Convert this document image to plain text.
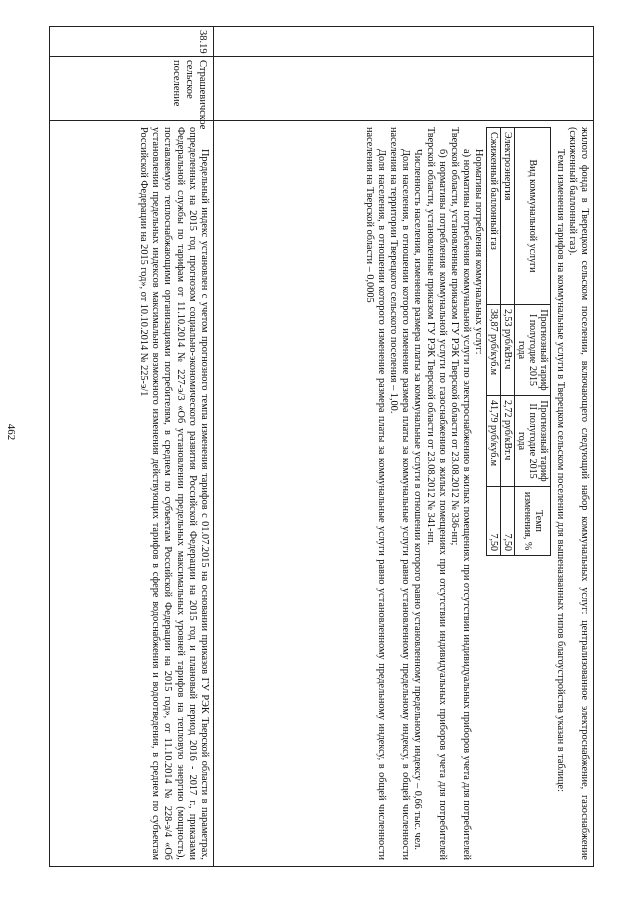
462
			жилого фонда в Тверецком сельском поселении, включающего следующий набор коммунальных услуг: централизованное электроснабжение, газоснабжение (сжиженный баллонный газ).

Темп изменения тарифов на коммунальные услуги в Тверецком сельском поселении для вышеназванных типов благоустройства указан в таблице:

Вид коммунальной услуги	Прогнозный тариф I полугодие 2015 года	Прогнозный тариф II полугодие 2015 года	Темп изменения, %
Электроэнергия	2,53 руб/кВт.ч	2,72 руб/кВт.ч	7,50
Сжиженный баллонный газ	38,87 руб/куб.м	41,79 руб/куб.м	7,50

Нормативы потребления коммунальных услуг:

а) нормативы потребления коммунальной услуги по электроснабжению в жилых помещениях при отсутствии индивидуальных приборов учета для потребителей Тверской области, установленные приказом ГУ РЭК Тверской области от 23.08.2012 № 336-нп;

б) нормативы потребления коммунальной услуги по газоснабжению в жилых помещениях при отсутствии индивидуальных приборов учета для потребителей Тверской области, установленные приказом ГУ РЭК Тверской области от 23.08.2012 № 341-нп.

Численность населения, изменение размера платы за коммунальные услуги в отношении которого равно установленному предельному индексу – 0,66 тыс. чел.

Доля населения, в отношении которого изменение размера платы за коммунальные услуги равно установленному предельному индексу, в общей численности населения на территории Тверецкого сельского поселения – 1,00.

Доля населения, в отношении которого изменение размера платы за коммунальные услуги равно установленному предельному индексу, в общей численности населения на Тверской области – 0,0005

38.19	Страшевичское сельское поселение	

Предельный индекс установлен с учетом прогнозного темпа изменения тарифов с 01.07.2015 на основании приказов ГУ РЭК Тверской области в параметрах, определенных на 2015 год прогнозом социально-экономического развития Российской Федерации на 2015 год и плановый период 2016 - 2017 г., приказами Федеральной службы по тарифам от 11.10.2014 № 227-э/3 «Об установлении предельных максимальных уровней тарифов на тепловую энергию (мощность), поставляемую теплоснабжающими организациями потребителям, в среднем по субъектам Российской Федерации на 2015 год», от 11.10.2014 № 228-э/4 «Об установлении предельных индексов максимально возможного изменения действующих тарифов в сфере водоснабжения и водоотведения, в среднем по субъектам Российской Федерации на 2015 год», от 10.10.2014 № 225-э/1
